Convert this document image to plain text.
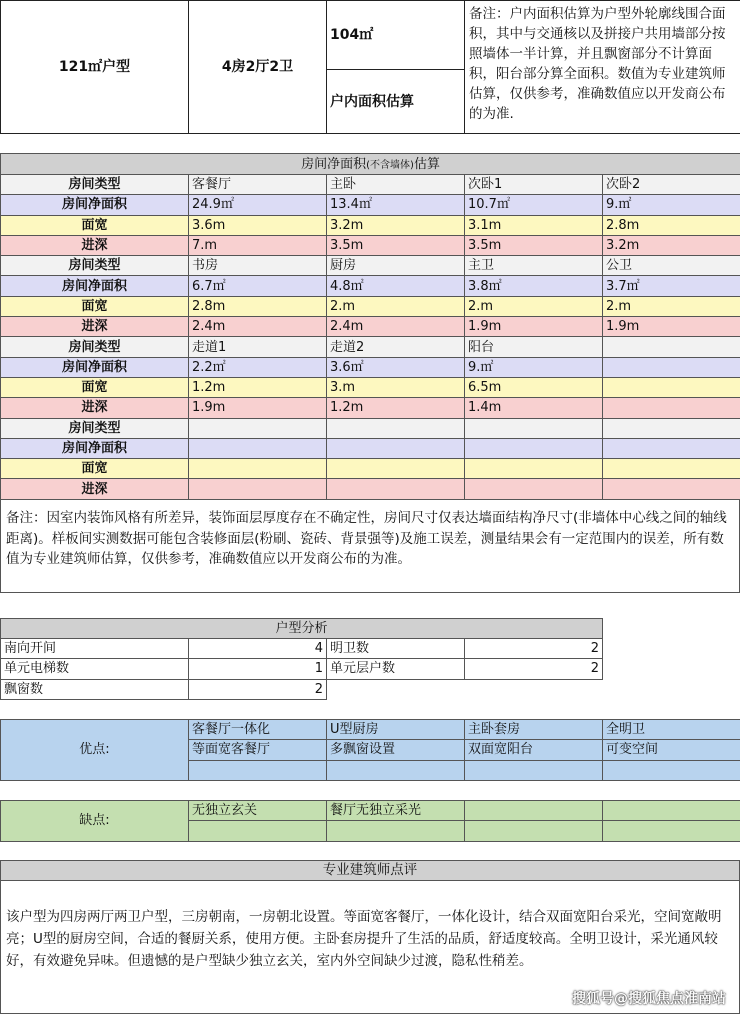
121㎡户型	4房2厅2卫	104㎡	备注：户内面积估算为户型外轮廓线围合面积，其中与交通核以及拼接户共用墙部分按照墙体一半计算，并且飘窗部分不计算面积，阳台部分算全面积。数值为专业建筑师估算，仅供参考，准确数值应以开发商公布的为准.
户内面积估算
房间净面积(不含墙体)估算				
房间类型	客餐厅	主卧	次卧1	次卧2
房间净面积	24.9㎡	13.4㎡	10.7㎡	9.㎡
面宽	3.6m	3.2m	3.1m	2.8m
进深	7.m	3.5m	3.5m	3.2m
房间类型	书房	厨房	主卫	公卫
房间净面积	6.7㎡	4.8㎡	3.8㎡	3.7㎡
面宽	2.8m	2.m	2.m	2.m
进深	2.4m	2.4m	1.9m	1.9m
房间类型	走道1	走道2	阳台	
房间净面积	2.2㎡	3.6㎡	9.㎡	
面宽	1.2m	3.m	6.5m	
进深	1.9m	1.2m	1.4m	
房间类型				
房间净面积				
面宽				
进深				
备注：因室内装饰风格有所差异，装饰面层厚度存在不确定性，房间尺寸仅表达墙面结构净尺寸(非墙体中心线之间的轴线距离)。样板间实测数据可能包含装修面层(粉刷、瓷砖、背景强等)及施工误差，测量结果会有一定范围内的误差，所有数值为专业建筑师估算，仅供参考，准确数值应以开发商公布的为准。
户型分析			
南向开间	4	明卫数	2
单元电梯数	1	单元层户数	2
飘窗数	2		
优点:	客餐厅一体化	U型厨房	主卧套房	全明卫
	等面宽客餐厅	多飘窗设置	双面宽阳台	可变空间

缺点:	无独立玄关	餐厅无独立采光		

专业建筑师点评
该户型为四房两厅两卫户型，三房朝南，一房朝北设置。等面宽客餐厅，一体化设计，结合双面宽阳台采光，空间宽敞明亮；U型的厨房空间，合适的餐厨关系，使用方便。主卧套房提升了生活的品质，舒适度较高。全明卫设计，采光通风较好，有效避免异味。但遗憾的是户型缺少独立玄关，室内外空间缺少过渡，隐私性稍差。
搜狐号@搜狐焦点淮南站
